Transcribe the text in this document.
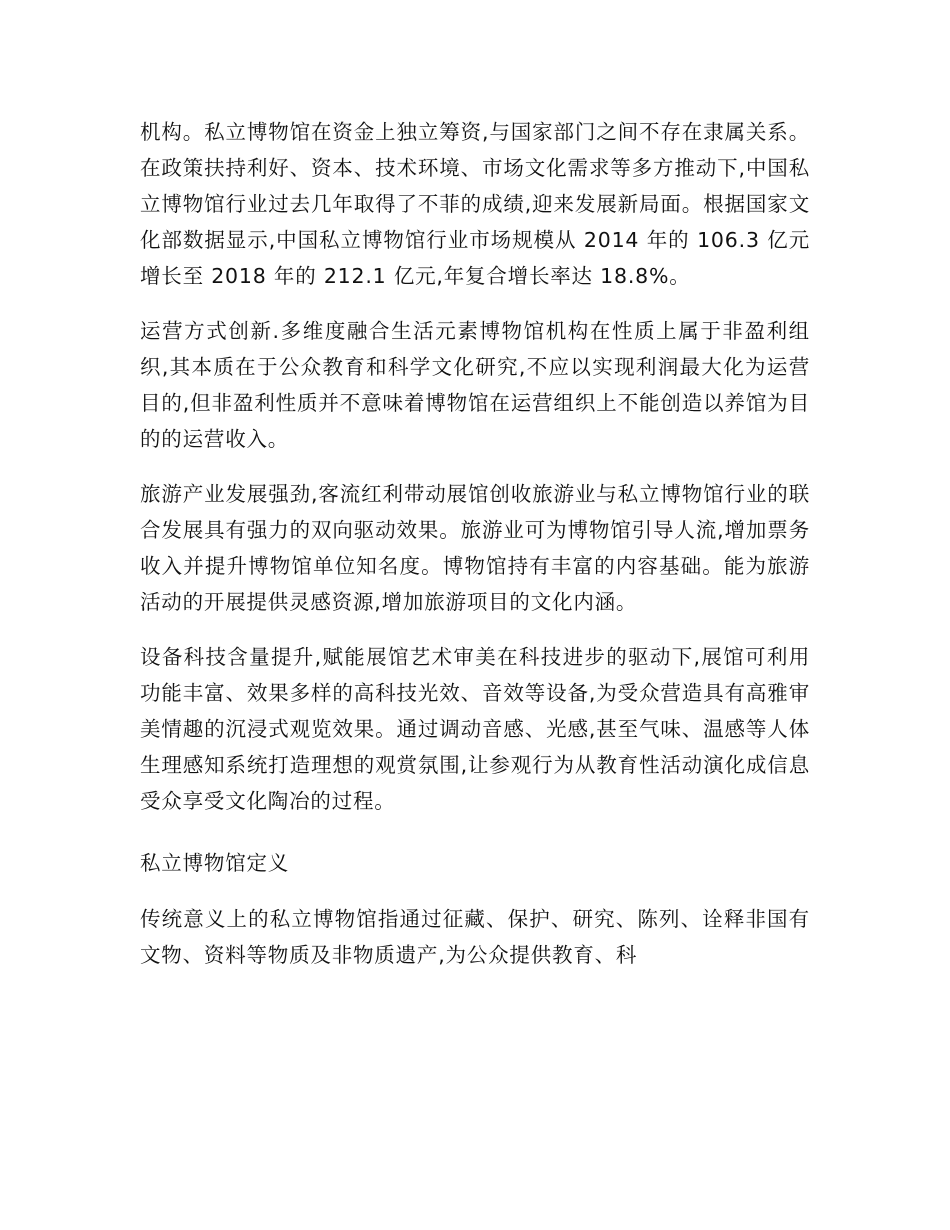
机构。私立博物馆在资金上独立筹资,与国家部门之间不存在隶属关系。在政策扶持利好、资本、技术环境、市场文化需求等多方推动下,中国私立博物馆行业过去几年取得了不菲的成绩,迎来发展新局面。根据国家文化部数据显示,中国私立博物馆行业市场规模从 2014 年的 106.3 亿元增长至 2018 年的 212.1 亿元,年复合增长率达 18.8%。

运营方式创新.多维度融合生活元素博物馆机构在性质上属于非盈利组织,其本质在于公众教育和科学文化研究,不应以实现利润最大化为运营目的,但非盈利性质并不意味着博物馆在运营组织上不能创造以养馆为目的的运营收入。

旅游产业发展强劲,客流红利带动展馆创收旅游业与私立博物馆行业的联合发展具有强力的双向驱动效果。旅游业可为博物馆引导人流,增加票务收入并提升博物馆单位知名度。博物馆持有丰富的内容基础。能为旅游活动的开展提供灵感资源,增加旅游项目的文化内涵。

设备科技含量提升,赋能展馆艺术审美在科技进步的驱动下,展馆可利用功能丰富、效果多样的高科技光效、音效等设备,为受众营造具有高雅审美情趣的沉浸式观览效果。通过调动音感、光感,甚至气味、温感等人体生理感知系统打造理想的观赏氛围,让参观行为从教育性活动演化成信息受众享受文化陶冶的过程。

私立博物馆定义

传统意义上的私立博物馆指通过征藏、保护、研究、陈列、诠释非国有文物、资料等物质及非物质遗产,为公众提供教育、科
